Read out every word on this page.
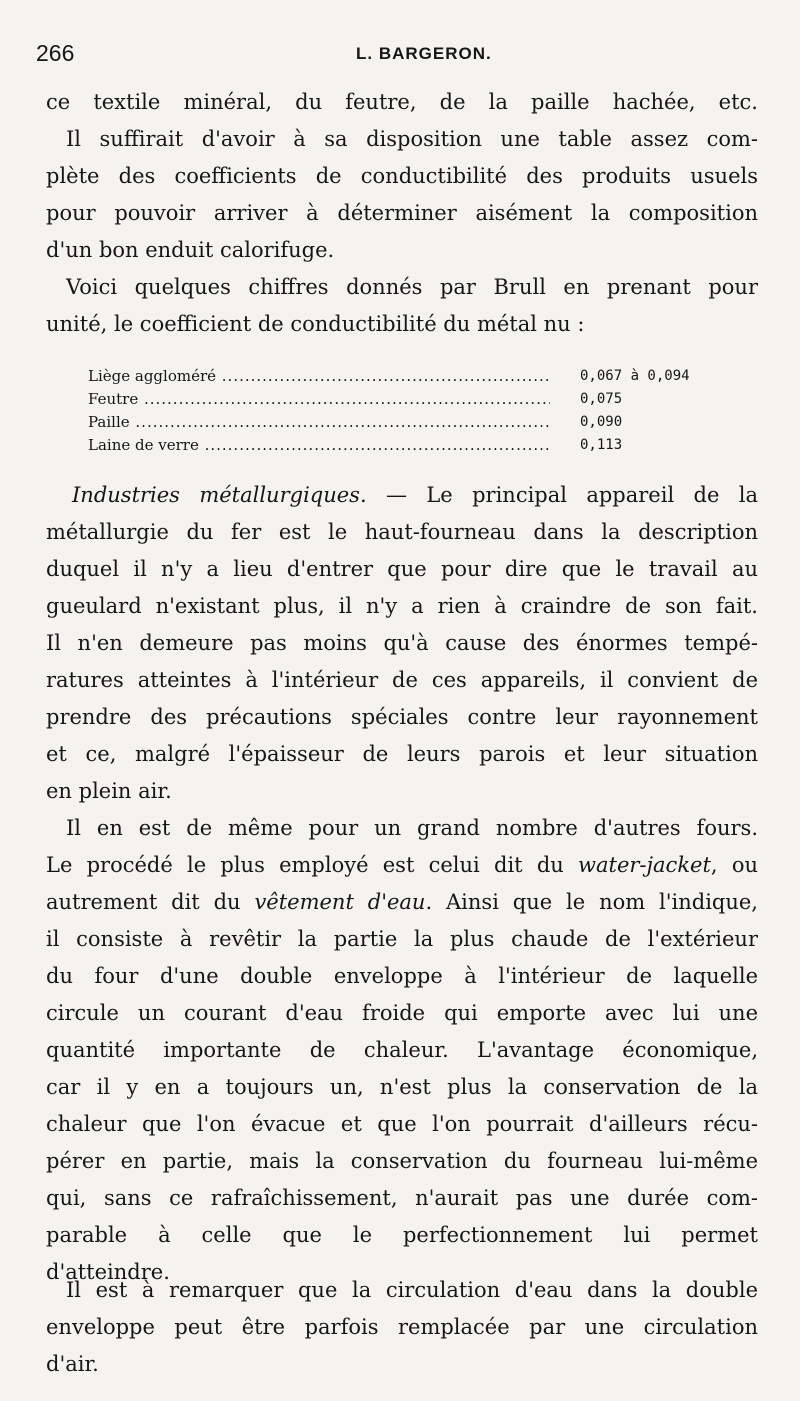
266	L. BARGERON.
ce textile minéral, du feutre, de la paille hachée, etc.
Il suffirait d'avoir à sa disposition une table assez com-
plète des coefficients de conductibilité des produits usuels
pour pouvoir arriver à déterminer aisément la composition
d'un bon enduit calorifuge.
Voici quelques chiffres donnés par Brull en prenant pour
unité, le coefficient de conductibilité du métal nu :
Liège aggloméré .....	0,067 à 0,094
Feutre .....	0,075
Paille .....	0,090
Laine de verre .....	0,113
Industries métallurgiques. — Le principal appareil de la
métallurgie du fer est le haut-fourneau dans la description
duquel il n'y a lieu d'entrer que pour dire que le travail au
gueulard n'existant plus, il n'y a rien à craindre de son fait.
Il n'en demeure pas moins qu'à cause des énormes tempé-
ratures atteintes à l'intérieur de ces appareils, il convient de
prendre des précautions spéciales contre leur rayonnement
et ce, malgré l'épaisseur de leurs parois et leur situation
en plein air.
Il en est de même pour un grand nombre d'autres fours.
Le procédé le plus employé est celui dit du water-jacket, ou
autrement dit du vêtement d'eau. Ainsi que le nom l'indique,
il consiste à revêtir la partie la plus chaude de l'extérieur
du four d'une double enveloppe à l'intérieur de laquelle
circule un courant d'eau froide qui emporte avec lui une
quantité importante de chaleur. L'avantage économique,
car il y en a toujours un, n'est plus la conservation de la
chaleur que l'on évacue et que l'on pourrait d'ailleurs récu-
pérer en partie, mais la conservation du fourneau lui-même
qui, sans ce rafraîchissement, n'aurait pas une durée com-
parable à celle que le perfectionnement lui permet
d'atteindre.
Il est à remarquer que la circulation d'eau dans la double
enveloppe peut être parfois remplacée par une circulation
d'air.
